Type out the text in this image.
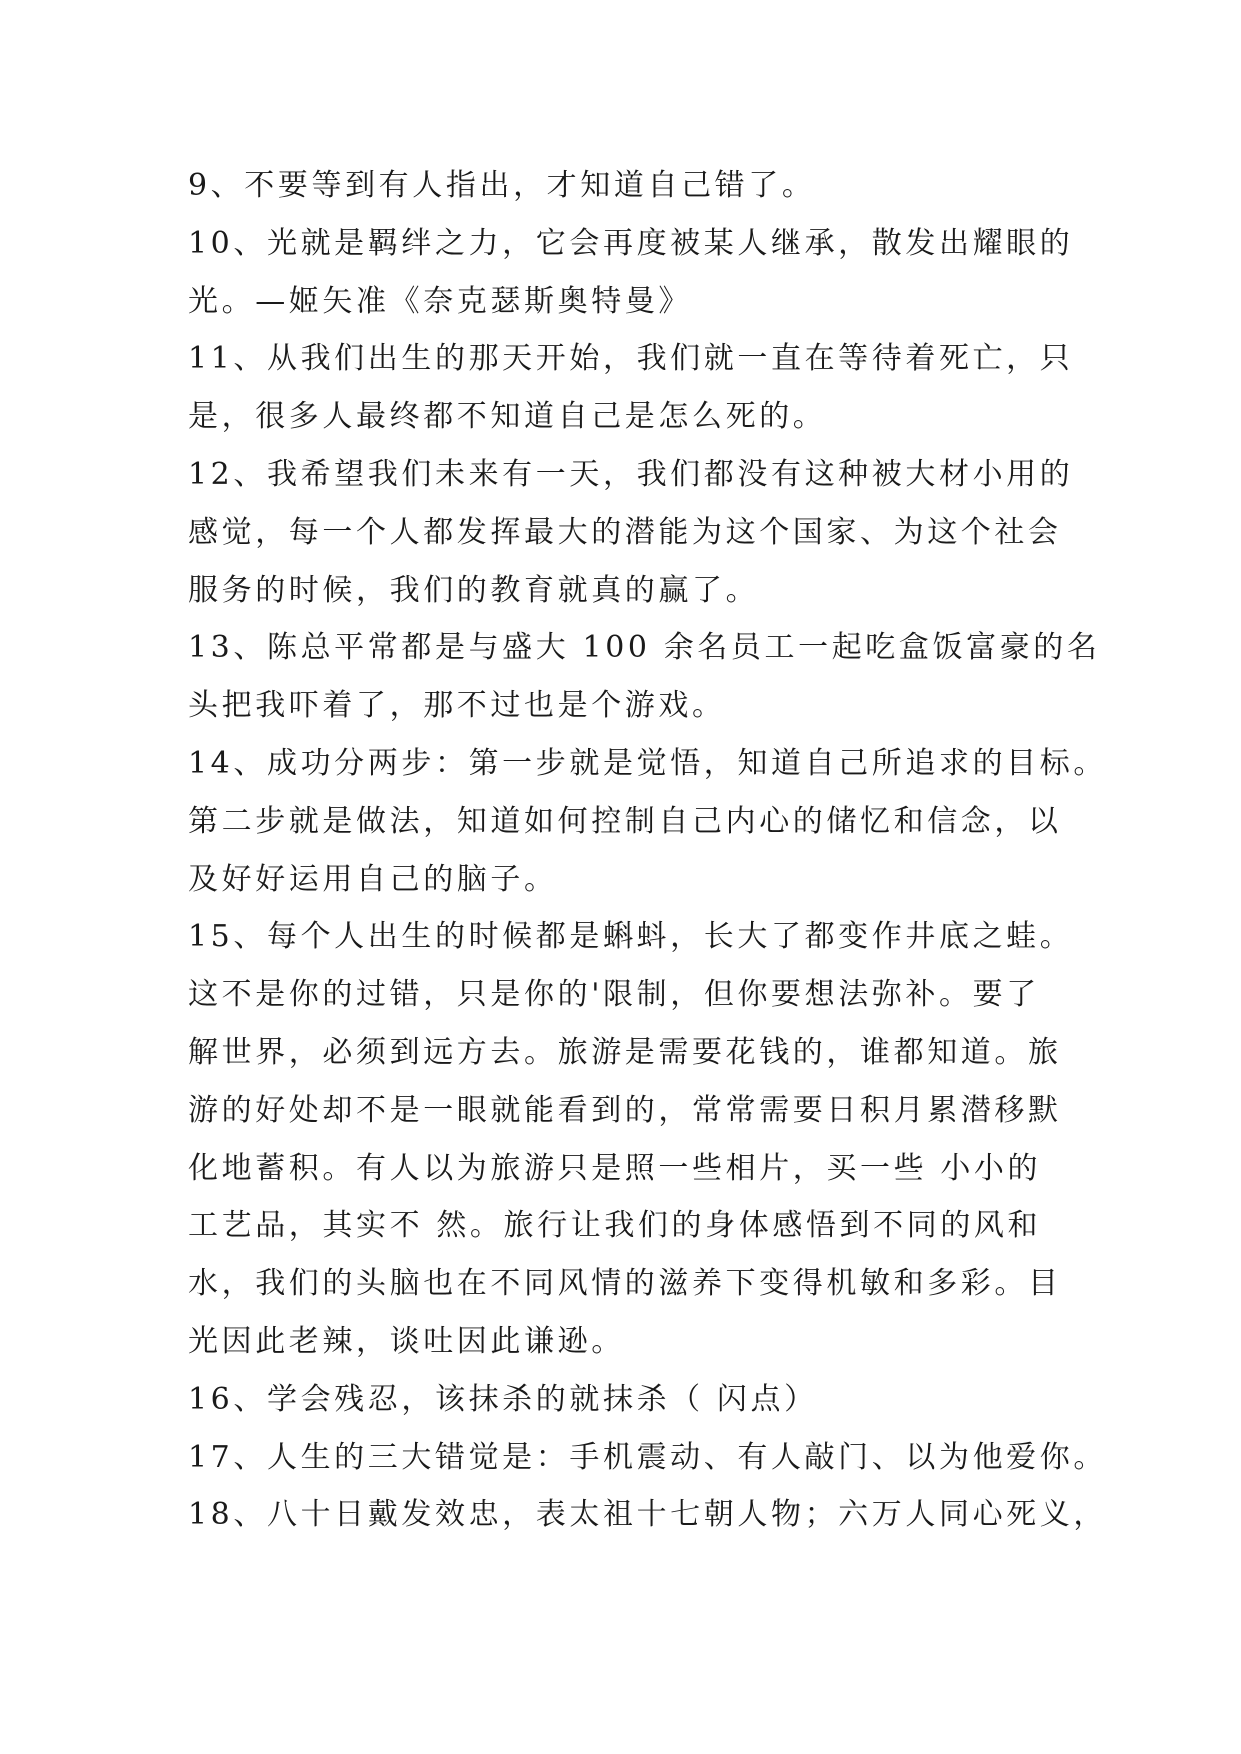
9、不要等到有人指出，才知道自己错了。
10、光就是羁绊之力，它会再度被某人继承，散发出耀眼的
光。—姬矢准《奈克瑟斯奥特曼》
11、从我们出生的那天开始，我们就一直在等待着死亡，只
是，很多人最终都不知道自己是怎么死的。
12、我希望我们未来有一天，我们都没有这种被大材小用的
感觉，每一个人都发挥最大的潜能为这个国家、为这个社会
服务的时候，我们的教育就真的赢了。
13、陈总平常都是与盛大 100 余名员工一起吃盒饭富豪的名
头把我吓着了，那不过也是个游戏。
14、成功分两步：第一步就是觉悟，知道自己所追求的目标。
第二步就是做法，知道如何控制自己内心的储忆和信念，以
及好好运用自己的脑子。
15、每个人出生的时候都是蝌蚪，长大了都变作井底之蛙。
这不是你的过错，只是你的'限制，但你要想法弥补。要了
解世界，必须到远方去。旅游是需要花钱的，谁都知道。旅
游的好处却不是一眼就能看到的，常常需要日积月累潜移默
化地蓄积。有人以为旅游只是照一些相片，买一些 小小的
工艺品，其实不 然。旅行让我们的身体感悟到不同的风和
水，我们的头脑也在不同风情的滋养下变得机敏和多彩。目
光因此老辣，谈吐因此谦逊。
16、学会残忍，该抹杀的就抹杀（ 闪点）
17、人生的三大错觉是：手机震动、有人敲门、以为他爱你。
18、八十日戴发效忠，表太祖十七朝人物；六万人同心死义，
